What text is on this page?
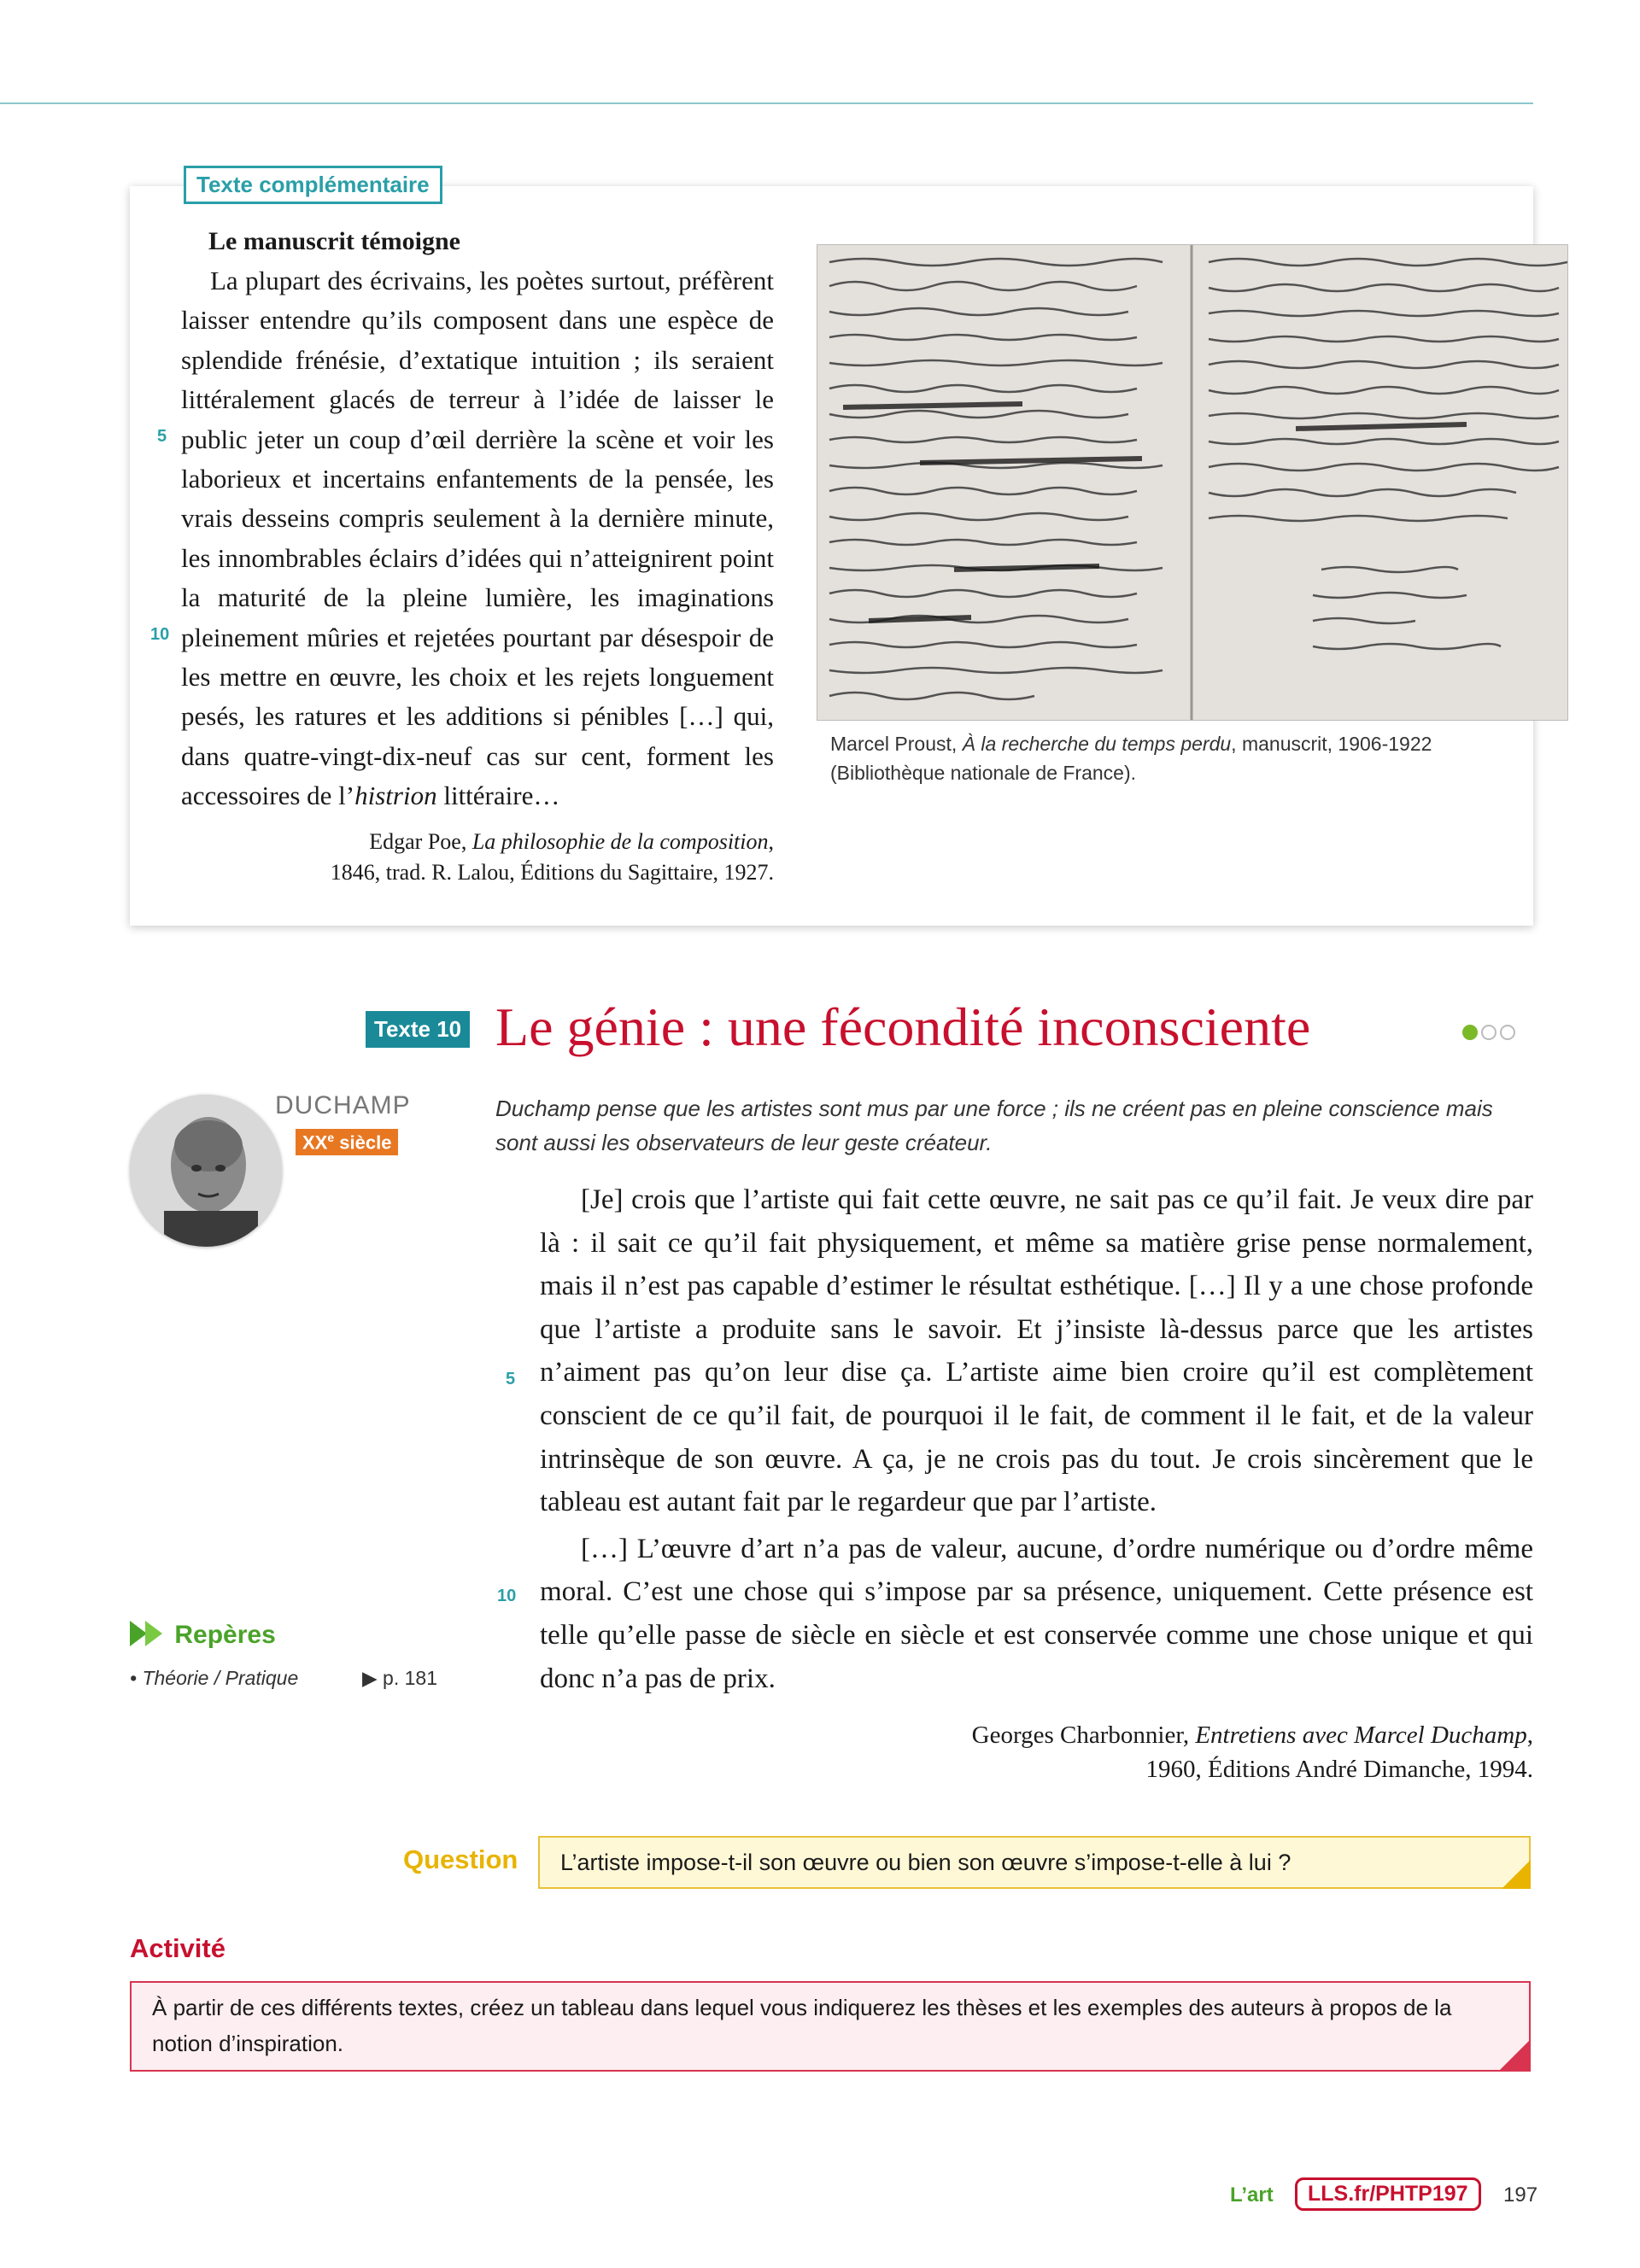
Texte complémentaire
Le manuscrit témoigne

La plupart des écrivains, les poètes surtout, préfèrent laisser entendre qu’ils composent dans une espèce de splendide frénésie, d’extatique intuition ; ils seraient littéralement glacés de terreur à l’idée de laisser le public jeter un coup d’œil derrière la scène et voir les laborieux et incertains enfantements de la pensée, les vrais desseins compris seulement à la dernière minute, les innombrables éclairs d’idées qui n’atteignirent point la maturité de la pleine lumière, les imaginations pleinement mûries et rejetées pourtant par désespoir de les mettre en œuvre, les choix et les rejets longuement pesés, les ratures et les additions si pénibles […] qui, dans quatre-vingt-dix-neuf cas sur cent, forment les accessoires de l’histrion littéraire…

5
10
Edgar Poe, La philosophie de la composition,
1846, trad. R. Lalou, Éditions du Sagittaire, 1927.
Marcel Proust, À la recherche du temps perdu, manuscrit, 1906-1922 (Bibliothèque nationale de France).
Texte 10 Le génie : une fécondité inconsciente
DUCHAMP
XXe siècle
Duchamp pense que les artistes sont mus par une force ; ils ne créent pas en pleine conscience mais sont aussi les observateurs de leur geste créateur.

[Je] crois que l’artiste qui fait cette œuvre, ne sait pas ce qu’il fait. Je veux dire par là : il sait ce qu’il fait physiquement, et même sa matière grise pense normalement, mais il n’est pas capable d’estimer le résultat esthétique. […] Il y a une chose profonde que l’artiste a produite sans le savoir. Et j’insiste là-dessus parce que les artistes n’aiment pas qu’on leur dise ça. L’artiste aime bien croire qu’il est complètement conscient de ce qu’il fait, de pourquoi il le fait, de comment il le fait, et de la valeur intrinsèque de son œuvre. A ça, je ne crois pas du tout. Je crois sincèrement que le tableau est autant fait par le regardeur que par l’artiste.

[…] L’œuvre d’art n’a pas de valeur, aucune, d’ordre numérique ou d’ordre même moral. C’est une chose qui s’impose par sa présence, uniquement. Cette présence est telle qu’elle passe de siècle en siècle et est conservée comme une chose unique et qui donc n’a pas de prix.

5
10
Georges Charbonnier, Entretiens avec Marcel Duchamp,
1960, Éditions André Dimanche, 1994.
Repères
• Théorie / Pratique	▶ p. 181
Question	L’artiste impose-t-il son œuvre ou bien son œuvre s’impose-t-elle à lui ?
Activité
À partir de ces différents textes, créez un tableau dans lequel vous indiquerez les thèses et les exemples des auteurs à propos de la notion d’inspiration.
L’art	LLS.fr/PHTP197	197
